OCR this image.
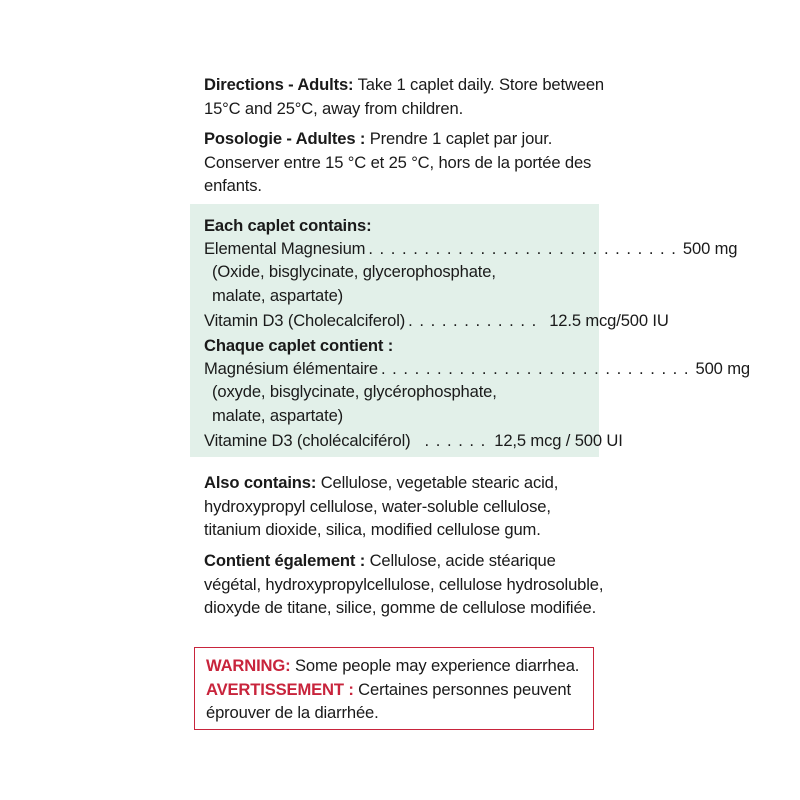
Directions - Adults: Take 1 caplet daily. Store between 15°C and 25°C, away from children.
Posologie - Adultes : Prendre 1 caplet par jour. Conserver entre 15 °C et 25 °C, hors de la portée des enfants.
Each caplet contains:
Elemental Magnesium . . . . . . . . . . . . . . . . . . . . . . . . . . . . 500 mg
(Oxide, bisglycinate, glycerophosphate,
malate, aspartate)
Vitamin D3 (Cholecalciferol) . . . . . . . . . . . . 12.5 mcg/500 IU
Chaque caplet contient :
Magnésium élémentaire . . . . . . . . . . . . . . . . . . . . . . . . . . . . 500 mg
(oxyde, bisglycinate, glycérophosphate,
malate, aspartate)
Vitamine D3 (cholécalciférol) . . . . . . 12,5 mcg / 500 UI
Also contains: Cellulose, vegetable stearic acid, hydroxypropyl cellulose, water-soluble cellulose, titanium dioxide, silica, modified cellulose gum.
Contient également : Cellulose, acide stéarique végétal, hydroxypropylcellulose, cellulose hydrosoluble, dioxyde de titane, silice, gomme de cellulose modifiée.
WARNING: Some people may experience diarrhea.
AVERTISSEMENT : Certaines personnes peuvent éprouver de la diarrhée.
